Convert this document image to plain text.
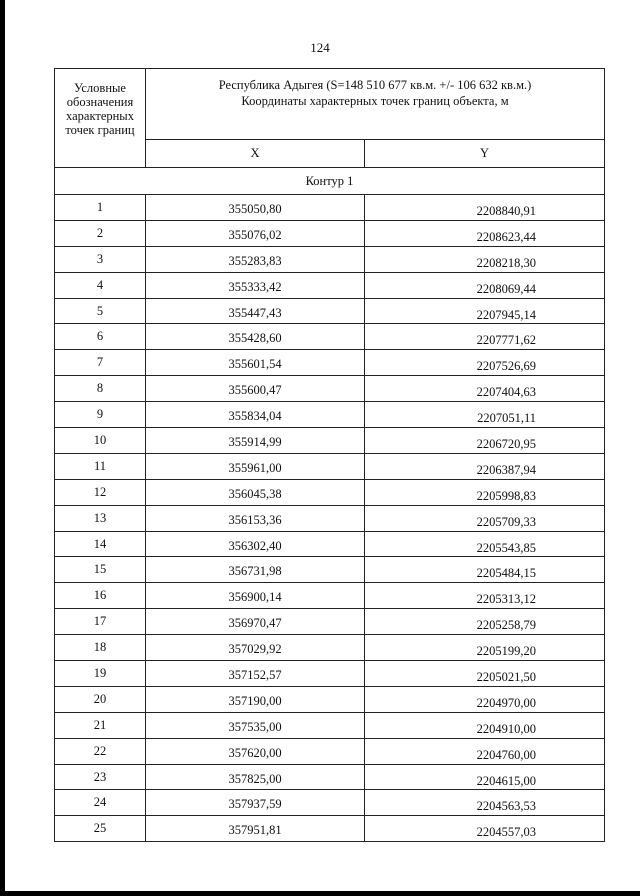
124
Условные обозначения характерных точек границ	Республика Адыгея (S=148 510 677 кв.м. +/- 106 632 кв.м.)
Координаты характерных точек границ объекта, м	

	X	Y
Контур 1		
1	355050,80	2208840,91
2	355076,02	2208623,44
3	355283,83	2208218,30
4	355333,42	2208069,44
5	355447,43	2207945,14
6	355428,60	2207771,62
7	355601,54	2207526,69
8	355600,47	2207404,63
9	355834,04	2207051,11
10	355914,99	2206720,95
11	355961,00	2206387,94
12	356045,38	2205998,83
13	356153,36	2205709,33
14	356302,40	2205543,85
15	356731,98	2205484,15
16	356900,14	2205313,12
17	356970,47	2205258,79
18	357029,92	2205199,20
19	357152,57	2205021,50
20	357190,00	2204970,00
21	357535,00	2204910,00
22	357620,00	2204760,00
23	357825,00	2204615,00
24	357937,59	2204563,53
25	357951,81	2204557,03
